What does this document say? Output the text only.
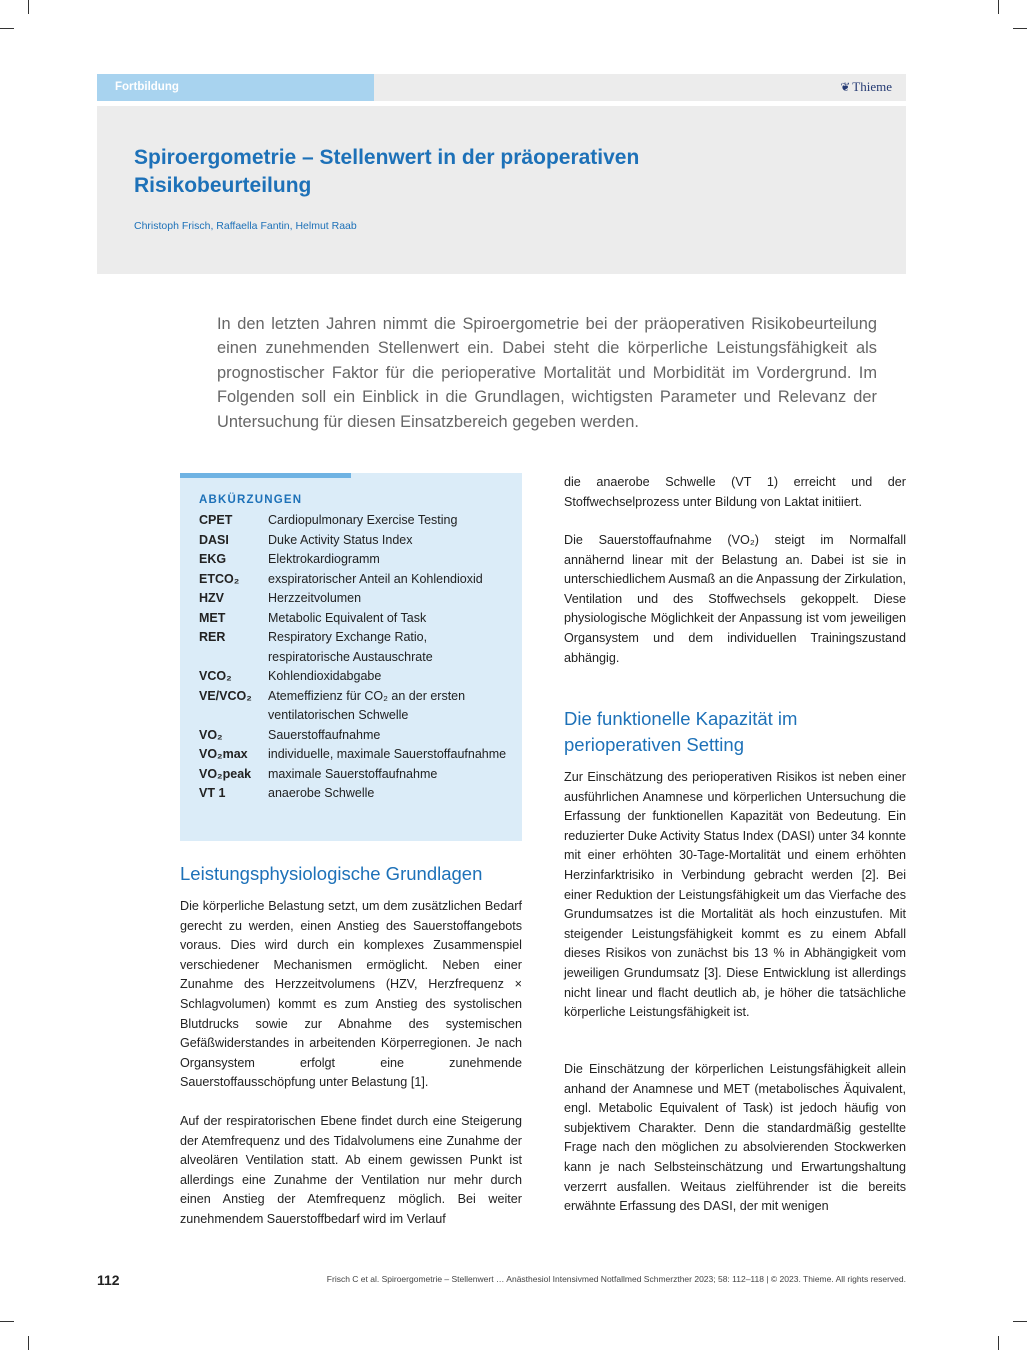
Fortbildung	❦ Thieme
Spiroergometrie – Stellenwert in der präoperativen Risikobeurteilung
Christoph Frisch, Raffaella Fantin, Helmut Raab

In den letzten Jahren nimmt die Spiroergometrie bei der präoperativen Risikobeurteilung einen zunehmenden Stellenwert ein. Dabei steht die körperliche Leistungsfähigkeit als prognostischer Faktor für die perioperative Mortalität und Morbidität im Vordergrund. Im Folgenden soll ein Einblick in die Grundlagen, wichtigsten Parameter und Relevanz der Untersuchung für diesen Einsatzbereich gegeben werden.

ABKÜRZUNGEN
CPET	Cardiopulmonary Exercise Testing
DASI	Duke Activity Status Index
EKG	Elektrokardiogramm
ETCO₂	exspiratorischer Anteil an Kohlendioxid
HZV	Herzzeitvolumen
MET	Metabolic Equivalent of Task
RER	Respiratory Exchange Ratio, respiratorische Austauschrate
VCO₂	Kohlendioxidabgabe
VE/VCO₂	Atemeffizienz für CO₂ an der ersten ventilatorischen Schwelle
VO₂	Sauerstoffaufnahme
VO₂max	individuelle, maximale Sauerstoffaufnahme
VO₂peak	maximale Sauerstoffaufnahme
VT 1	anaerobe Schwelle
Leistungsphysiologische Grundlagen

Die körperliche Belastung setzt, um dem zusätzlichen Bedarf gerecht zu werden, einen Anstieg des Sauerstoffangebots voraus. Dies wird durch ein komplexes Zusammenspiel verschiedener Mechanismen ermöglicht. Neben einer Zunahme des Herzzeitvolumens (HZV, Herzfrequenz × Schlagvolumen) kommt es zum Anstieg des systolischen Blutdrucks sowie zur Abnahme des systemischen Gefäßwiderstandes in arbeitenden Körperregionen. Je nach Organsystem erfolgt eine zunehmende Sauerstoffausschöpfung unter Belastung [1].

Auf der respiratorischen Ebene findet durch eine Steigerung der Atemfrequenz und des Tidalvolumens eine Zunahme der alveolären Ventilation statt. Ab einem gewissen Punkt ist allerdings eine Zunahme der Ventilation nur mehr durch einen Anstieg der Atemfrequenz möglich. Bei weiter zunehmendem Sauerstoffbedarf wird im Verlauf

die anaerobe Schwelle (VT 1) erreicht und der Stoffwechselprozess unter Bildung von Laktat initiiert.

Die Sauerstoffaufnahme (VO₂) steigt im Normalfall annähernd linear mit der Belastung an. Dabei ist sie in unterschiedlichem Ausmaß an die Anpassung der Zirkulation, Ventilation und des Stoffwechsels gekoppelt. Diese physiologische Möglichkeit der Anpassung ist vom jeweiligen Organsystem und dem individuellen Trainingszustand abhängig.

Die funktionelle Kapazität im perioperativen Setting

Zur Einschätzung des perioperativen Risikos ist neben einer ausführlichen Anamnese und körperlichen Untersuchung die Erfassung der funktionellen Kapazität von Bedeutung. Ein reduzierter Duke Activity Status Index (DASI) unter 34 konnte mit einer erhöhten 30-Tage-Mortalität und einem erhöhten Herzinfarktrisiko in Verbindung gebracht werden [2]. Bei einer Reduktion der Leistungsfähigkeit um das Vierfache des Grundumsatzes ist die Mortalität als hoch einzustufen. Mit steigender Leistungsfähigkeit kommt es zu einem Abfall dieses Risikos von zunächst bis 13 % in Abhängigkeit vom jeweiligen Grundumsatz [3]. Diese Entwicklung ist allerdings nicht linear und flacht deutlich ab, je höher die tatsächliche körperliche Leistungsfähigkeit ist.

Die Einschätzung der körperlichen Leistungsfähigkeit allein anhand der Anamnese und MET (metabolisches Äquivalent, engl. Metabolic Equivalent of Task) ist jedoch häufig von subjektivem Charakter. Denn die standardmäßig gestellte Frage nach den möglichen zu absolvierenden Stockwerken kann je nach Selbsteinschätzung und Erwartungshaltung verzerrt ausfallen. Weitaus zielführender ist die bereits erwähnte Erfassung des DASI, der mit wenigen

112	Frisch C et al. Spiroergometrie – Stellenwert … Anästhesiol Intensivmed Notfallmed Schmerzther 2023; 58: 112–118 | © 2023. Thieme. All rights reserved.
